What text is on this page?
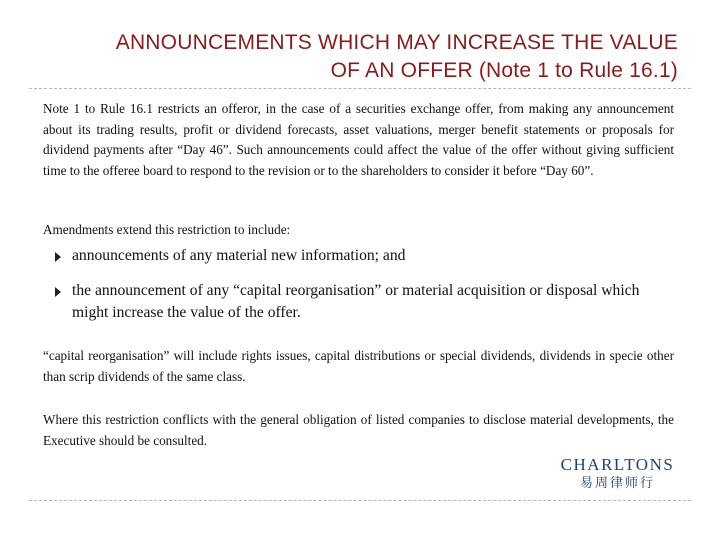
ANNOUNCEMENTS WHICH MAY INCREASE THE VALUE
OF AN OFFER (Note 1 to Rule 16.1)

Note 1 to Rule 16.1 restricts an offeror, in the case of a securities exchange offer, from making any announcement about its trading results, profit or dividend forecasts, asset valuations, merger benefit statements or proposals for dividend payments after “Day 46”. Such announcements could affect the value of the offer without giving sufficient time to the offeree board to respond to the revision or to the shareholders to consider it before “Day 60”.

Amendments extend this restriction to include:

announcements of any material new information; and
the announcement of any “capital reorganisation” or material acquisition or disposal which might increase the value of the offer.

“capital reorganisation” will include rights issues, capital distributions or special dividends, dividends in specie other than scrip dividends of the same class.

Where this restriction conflicts with the general obligation of listed companies to disclose material developments, the Executive should be consulted.

CHARLTONS
易周律师行
